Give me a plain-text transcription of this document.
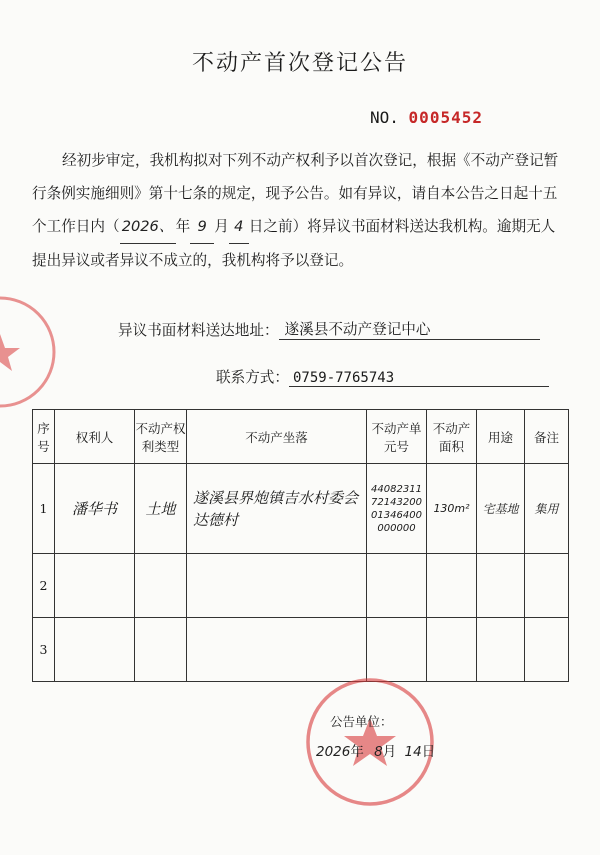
不动产首次登记公告
NO. 0005452
经初步审定，我机构拟对下列不动产权利予以首次登记，根据《不动产登记暂行条例实施细则》第十七条的规定，现予公告。如有异议，请自本公告之日起十五个工作日内（ 2026、 年 9 月 4 日之前）将异议书面材料送达我机构。逾期无人提出异议或者异议不成立的，我机构将予以登记。
异议书面材料送达地址： 遂溪县不动产登记中心
联系方式： 0759-7765743
序号	权利人	不动产权利类型	不动产坐落	不动产单元号	不动产面积	用途	备注
1	潘华书	土地	遂溪县界炮镇吉水村委会达德村	440823117214320001346400000000	130m²	宅基地	集用
2							
3							
公告单位：
2026年 8月 14日
